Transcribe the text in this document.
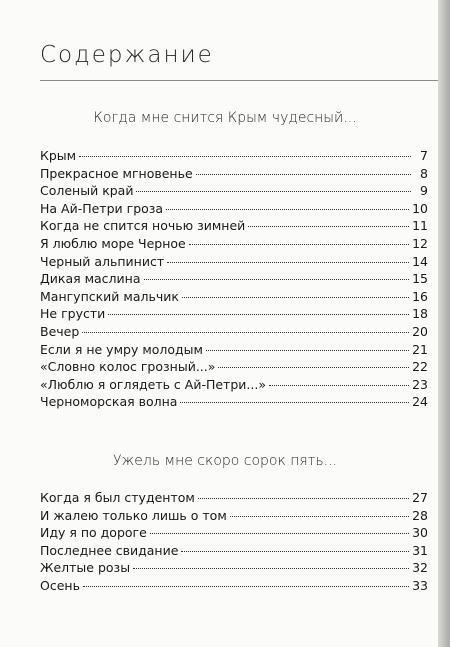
Содержание
Когда мне снится Крым чудесный...
Крым	7
Прекрасное мгновенье	8
Соленый край	9
На Ай-Петри гроза	10
Когда не спится ночью зимней	11
Я люблю море Черное	12
Черный альпинист	14
Дикая маслина	15
Мангупский мальчик	16
Не грусти	18
Вечер	20
Если я не умру молодым	21
«Словно колос грозный...»	22
«Люблю я оглядеть с Ай-Петри...»	23
Черноморская волна	24
Ужель мне скоро сорок пять...
Когда я был студентом	27
И жалею только лишь о том	28
Иду я по дороге	30
Последнее свидание	31
Желтые розы	32
Осень	33
